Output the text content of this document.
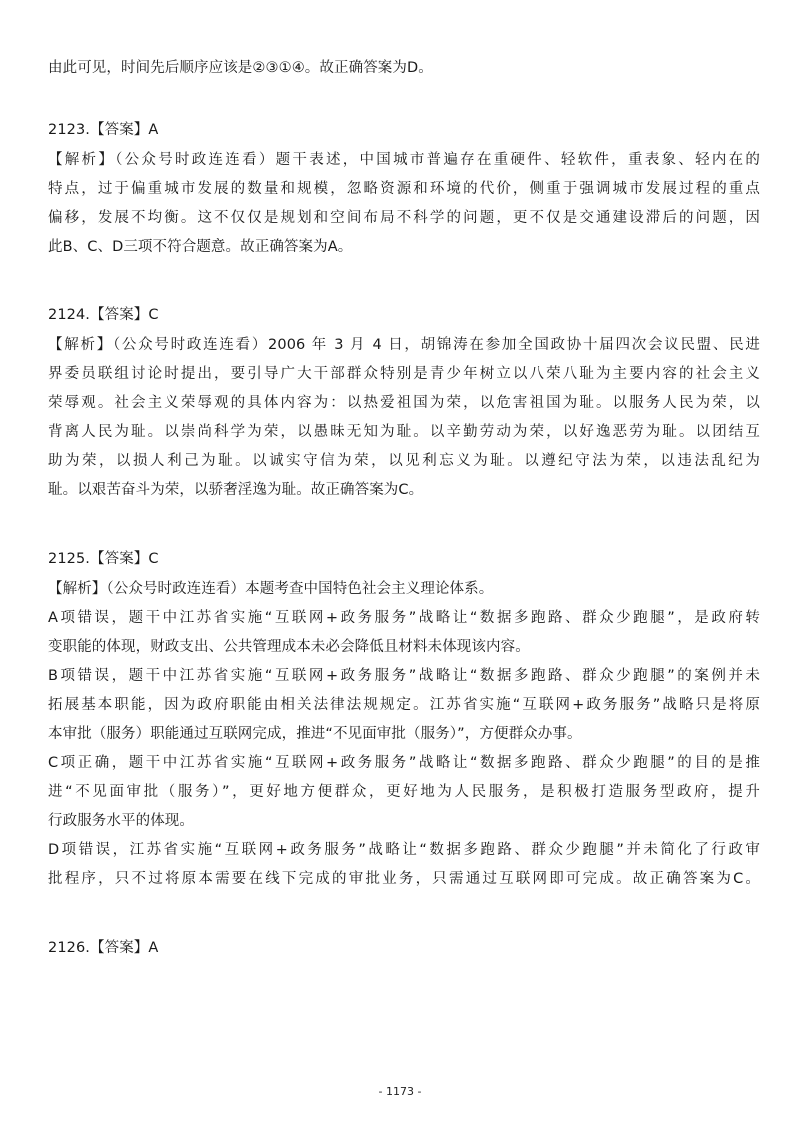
由此可见，时间先后顺序应该是②③①④。故正确答案为D。
2123.【答案】A
【解析】（公众号时政连连看）题干表述，中国城市普遍存在重硬件、轻软件，重表象、轻内在的
特点，过于偏重城市发展的数量和规模，忽略资源和环境的代价，侧重于强调城市发展过程的重点
偏移，发展不均衡。这不仅仅是规划和空间布局不科学的问题，更不仅是交通建设滞后的问题，因
此B、C、D三项不符合题意。故正确答案为A。
2124.【答案】C
【解析】（公众号时政连连看）2006 年 3 月 4 日，胡锦涛在参加全国政协十届四次会议民盟、民进
界委员联组讨论时提出，要引导广大干部群众特别是青少年树立以八荣八耻为主要内容的社会主义
荣辱观。社会主义荣辱观的具体内容为：以热爱祖国为荣，以危害祖国为耻。以服务人民为荣，以
背离人民为耻。以崇尚科学为荣，以愚昧无知为耻。以辛勤劳动为荣，以好逸恶劳为耻。以团结互
助为荣，以损人利己为耻。以诚实守信为荣，以见利忘义为耻。以遵纪守法为荣，以违法乱纪为
耻。以艰苦奋斗为荣，以骄奢淫逸为耻。故正确答案为C。
2125.【答案】C
【解析】（公众号时政连连看）本题考查中国特色社会主义理论体系。
A项错误，题干中江苏省实施“互联网+政务服务”战略让“数据多跑路、群众少跑腿”，是政府转
变职能的体现，财政支出、公共管理成本未必会降低且材料未体现该内容。
B项错误，题干中江苏省实施“互联网+政务服务”战略让“数据多跑路、群众少跑腿”的案例并未
拓展基本职能，因为政府职能由相关法律法规规定。江苏省实施“互联网+政务服务”战略只是将原
本审批（服务）职能通过互联网完成，推进“不见面审批（服务）”，方便群众办事。
C项正确，题干中江苏省实施“互联网+政务服务”战略让“数据多跑路、群众少跑腿”的目的是推
进“不见面审批（服务）”，更好地方便群众，更好地为人民服务，是积极打造服务型政府，提升
行政服务水平的体现。
D项错误，江苏省实施“互联网+政务服务”战略让“数据多跑路、群众少跑腿”并未简化了行政审
批程序，只不过将原本需要在线下完成的审批业务，只需通过互联网即可完成。故正确答案为C。
2126.【答案】A
- 1173 -
